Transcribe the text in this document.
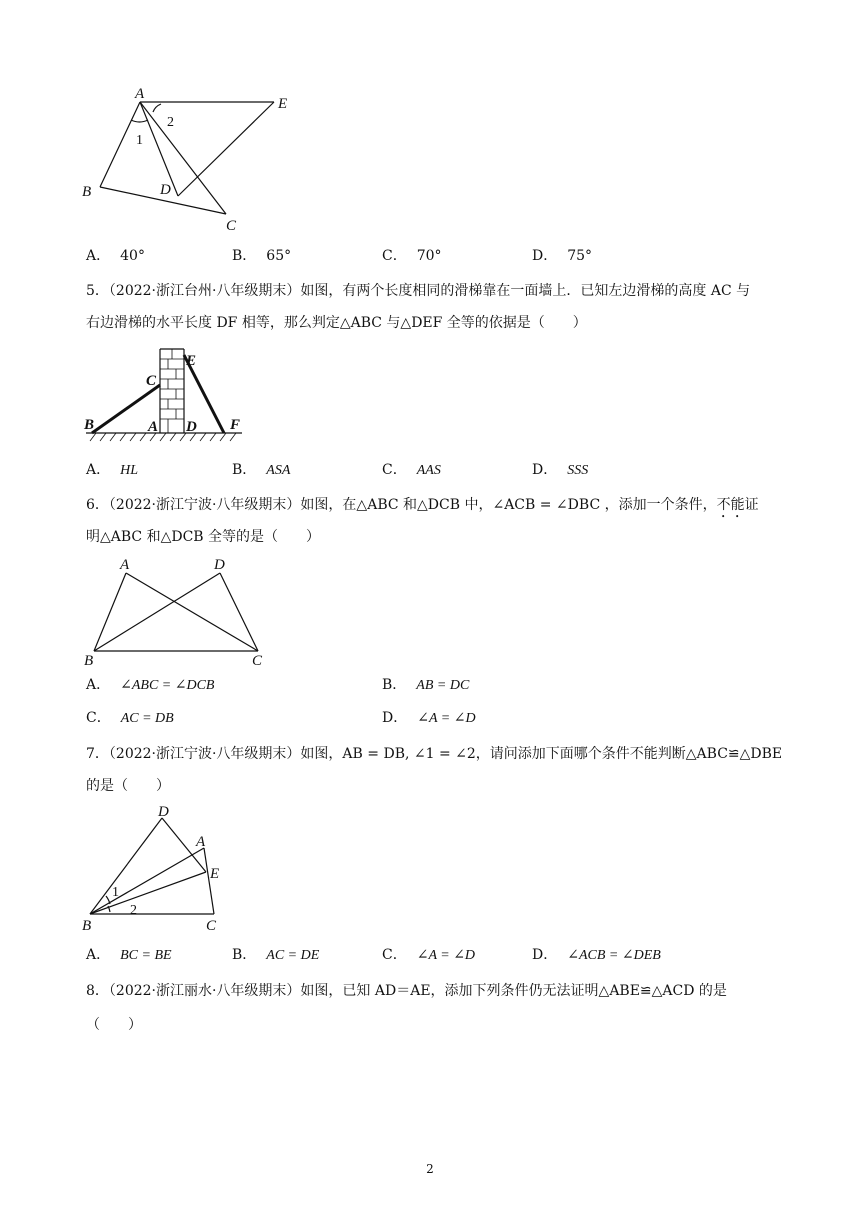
A
E
B	D
C
1
2
A． 40°	B． 65°	C． 70°	D． 75°
5．（2022·浙江台州·八年级期末）如图，有两个长度相同的滑梯靠在一面墙上．已知左边滑梯的高度 AC 与
右边滑梯的水平长度 DF 相等，那么判定△ABC 与△DEF 全等的依据是（　　）
B
C
A D
E
F
A． HL	B． ASA	C． AAS	D． SSS
6．（2022·浙江宁波·八年级期末）如图，在△ABC 和△DCB 中，∠ACB = ∠DBC ，添加一个条件，不能证
明△ABC 和△DCB 全等的是（　　）
A	D
B	C
A． ∠ABC = ∠DCB	B． AB = DC
C． AC = DB	D． ∠A = ∠D
7．（2022·浙江宁波·八年级期末）如图，AB = DB, ∠1 = ∠2，请问添加下面哪个条件不能判断△ABC≌△DBE
的是（　　）
D
A
E
B	C
1
2
A． BC = BE	B． AC = DE	C． ∠A = ∠D	D． ∠ACB = ∠DEB
8．（2022·浙江丽水·八年级期末）如图，已知 AD＝AE，添加下列条件仍无法证明△ABE≌△ACD 的是
（　　）
2
